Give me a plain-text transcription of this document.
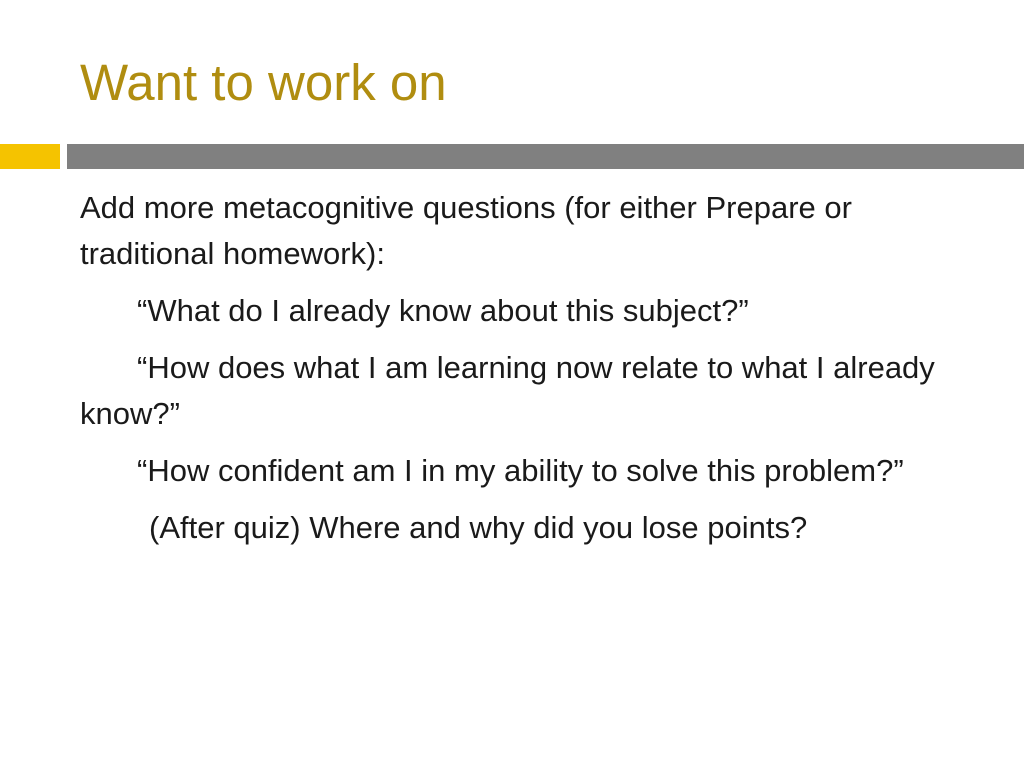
Want to work on

Add more metacognitive questions (for either Prepare or traditional homework):

“What do I already know about this subject?”

“How does what I am learning now relate to what I already know?”

“How confident am I in my ability to solve this problem?”

(After quiz) Where and why did you lose points?
